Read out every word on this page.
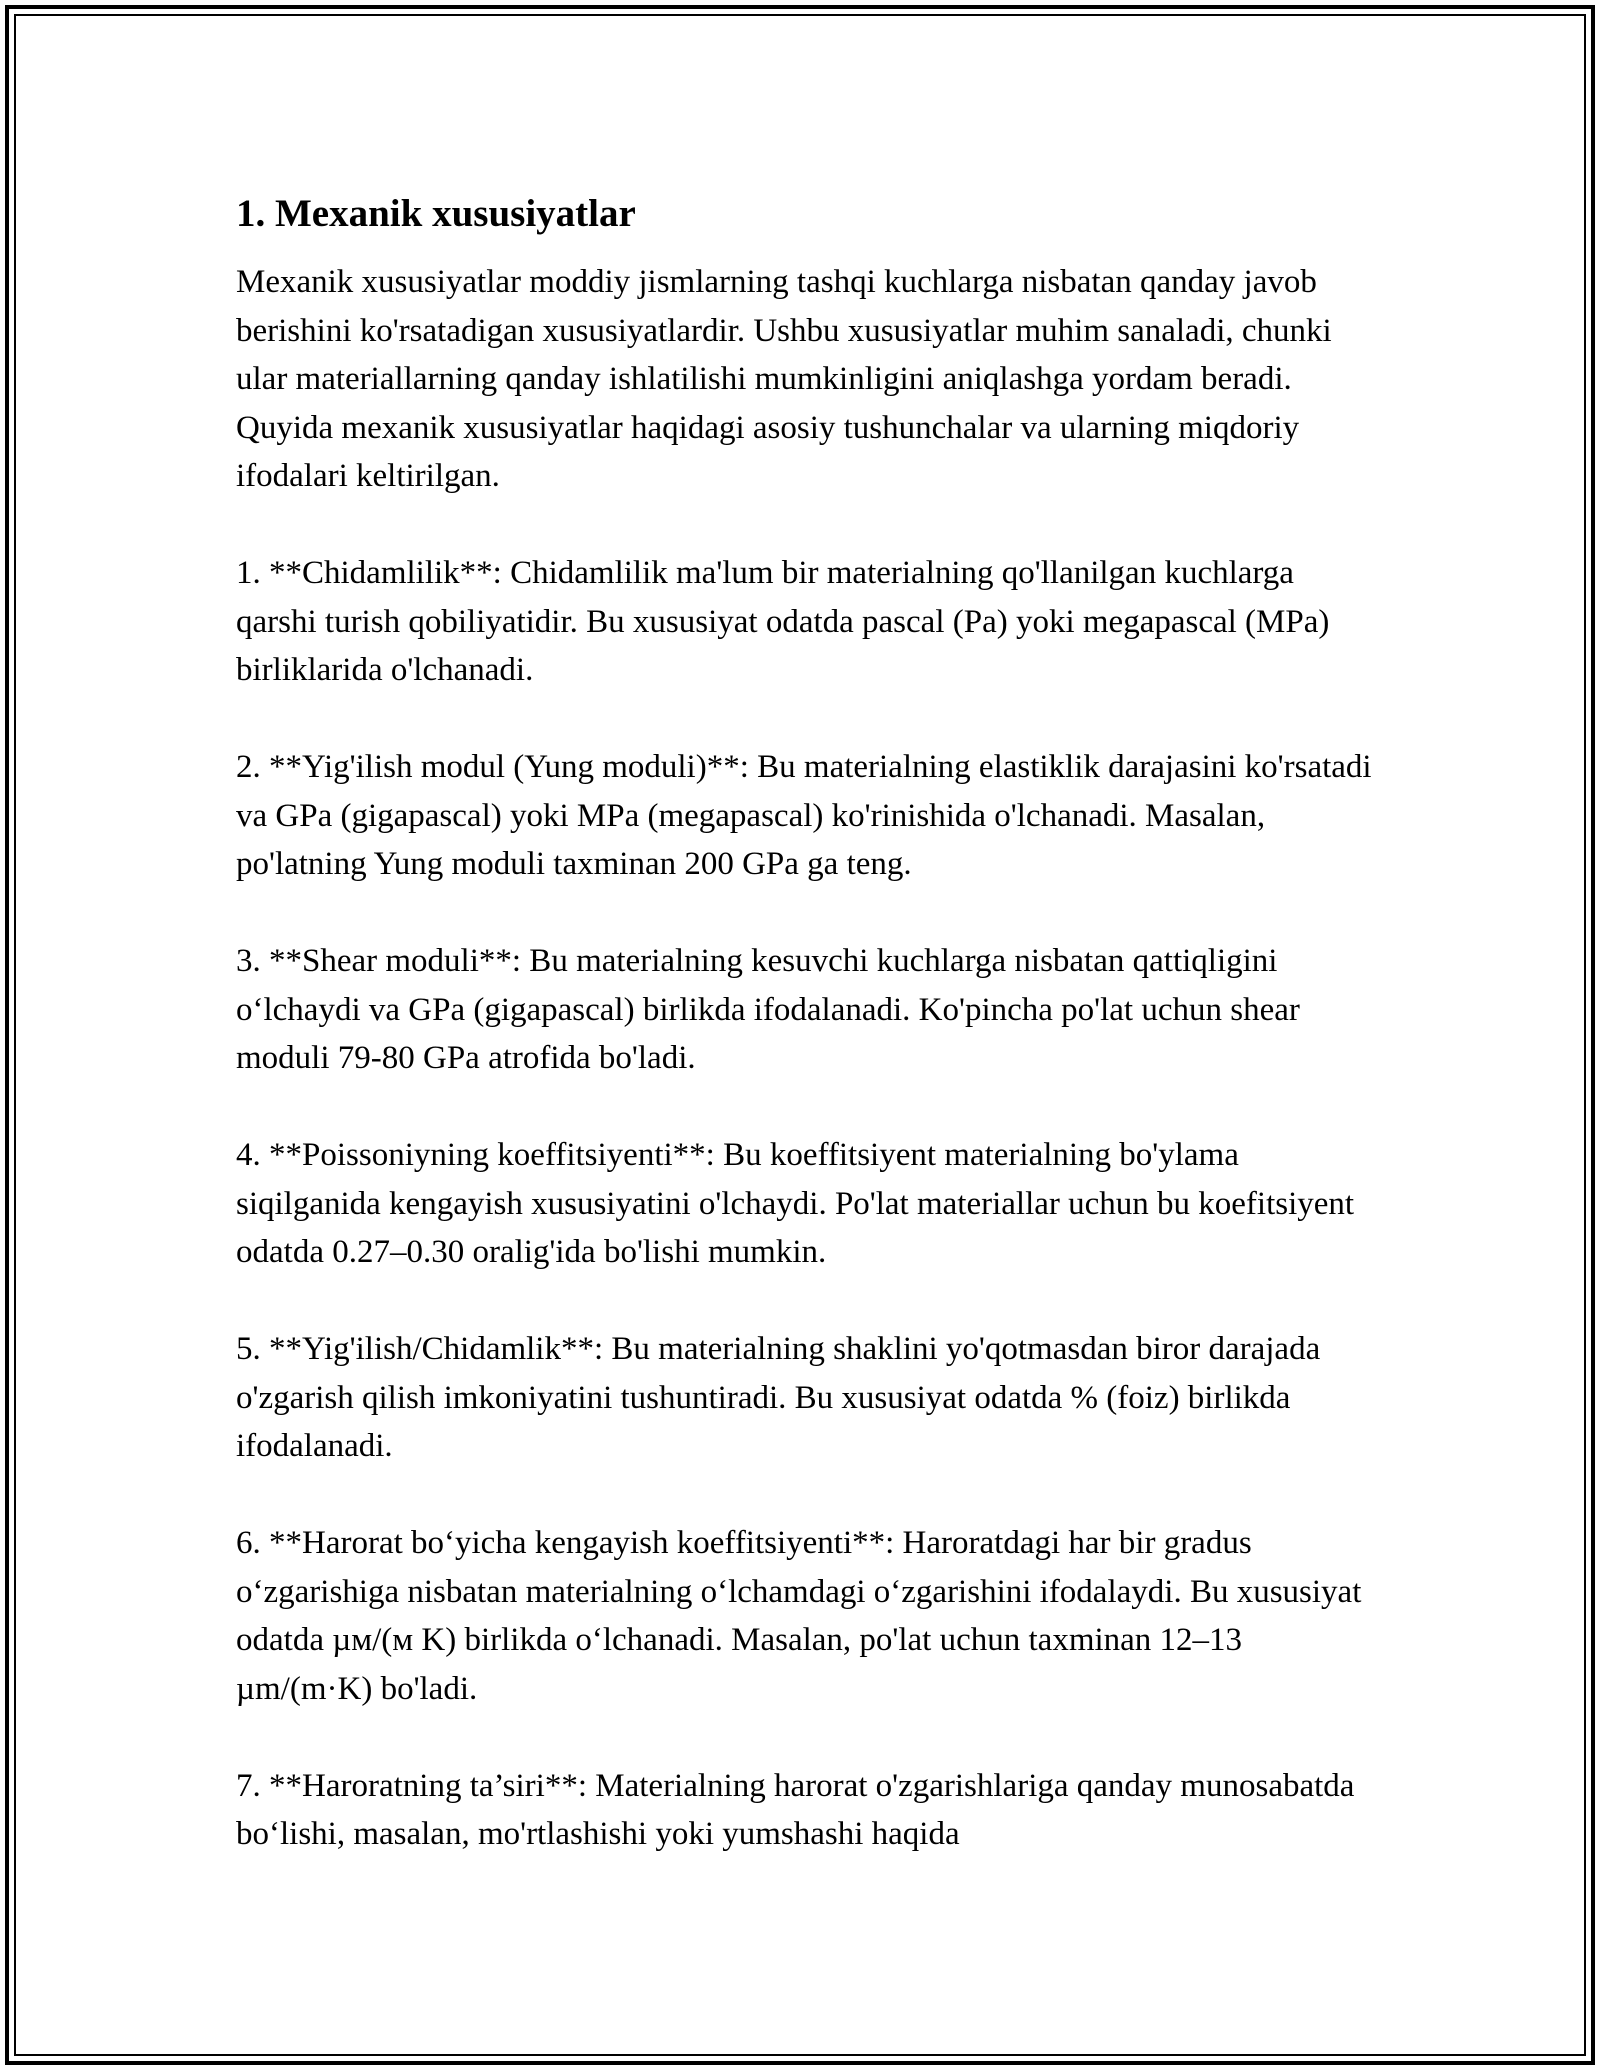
1. Mexanik xususiyatlar

Mexanik xususiyatlar moddiy jismlarning tashqi kuchlarga nisbatan qanday javob berishini ko'rsatadigan xususiyatlardir. Ushbu xususiyatlar muhim sanaladi, chunki ular materiallarning qanday ishlatilishi mumkinligini aniqlashga yordam beradi. Quyida mexanik xususiyatlar haqidagi asosiy tushunchalar va ularning miqdoriy ifodalari keltirilgan.

1. **Chidamlilik**: Chidamlilik ma'lum bir materialning qo'llanilgan kuchlarga qarshi turish qobiliyatidir. Bu xususiyat odatda pascal (Pa) yoki megapascal (MPa) birliklarida o'lchanadi.

2. **Yig'ilish modul (Yung moduli)**: Bu materialning elastiklik darajasini ko'rsatadi va GPa (gigapascal) yoki MPa (megapascal) ko'rinishida o'lchanadi. Masalan, po'latning Yung moduli taxminan 200 GPa ga teng.

3. **Shear moduli**: Bu materialning kesuvchi kuchlarga nisbatan qattiqligini o‘lchaydi va GPa (gigapascal) birlikda ifodalanadi. Ko'pincha po'lat uchun shear moduli 79-80 GPa atrofida bo'ladi.

4. **Poissoniyning koeffitsiyenti**: Bu koeffitsiyent materialning bo'ylama siqilganida kengayish xususiyatini o'lchaydi. Po'lat materiallar uchun bu koefitsiyent odatda 0.27–0.30 oralig'ida bo'lishi mumkin.

5. **Yig'ilish/Chidamlik**: Bu materialning shaklini yo'qotmasdan biror darajada o'zgarish qilish imkoniyatini tushuntiradi. Bu xususiyat odatda % (foiz) birlikda ifodalanadi.

6. **Harorat bo‘yicha kengayish koeffitsiyenti**: Haroratdagi har bir gradus o‘zgarishiga nisbatan materialning o‘lchamdagi o‘zgarishini ifodalaydi. Bu xususiyat odatda µм/(м K) birlikda o‘lchanadi. Masalan, po'lat uchun taxminan 12–13 µm/(m·K) bo'ladi.

7. **Haroratning ta’siri**: Materialning harorat o'zgarishlariga qanday munosabatda bo‘lishi, masalan, mo'rtlashishi yoki yumshashi haqida
